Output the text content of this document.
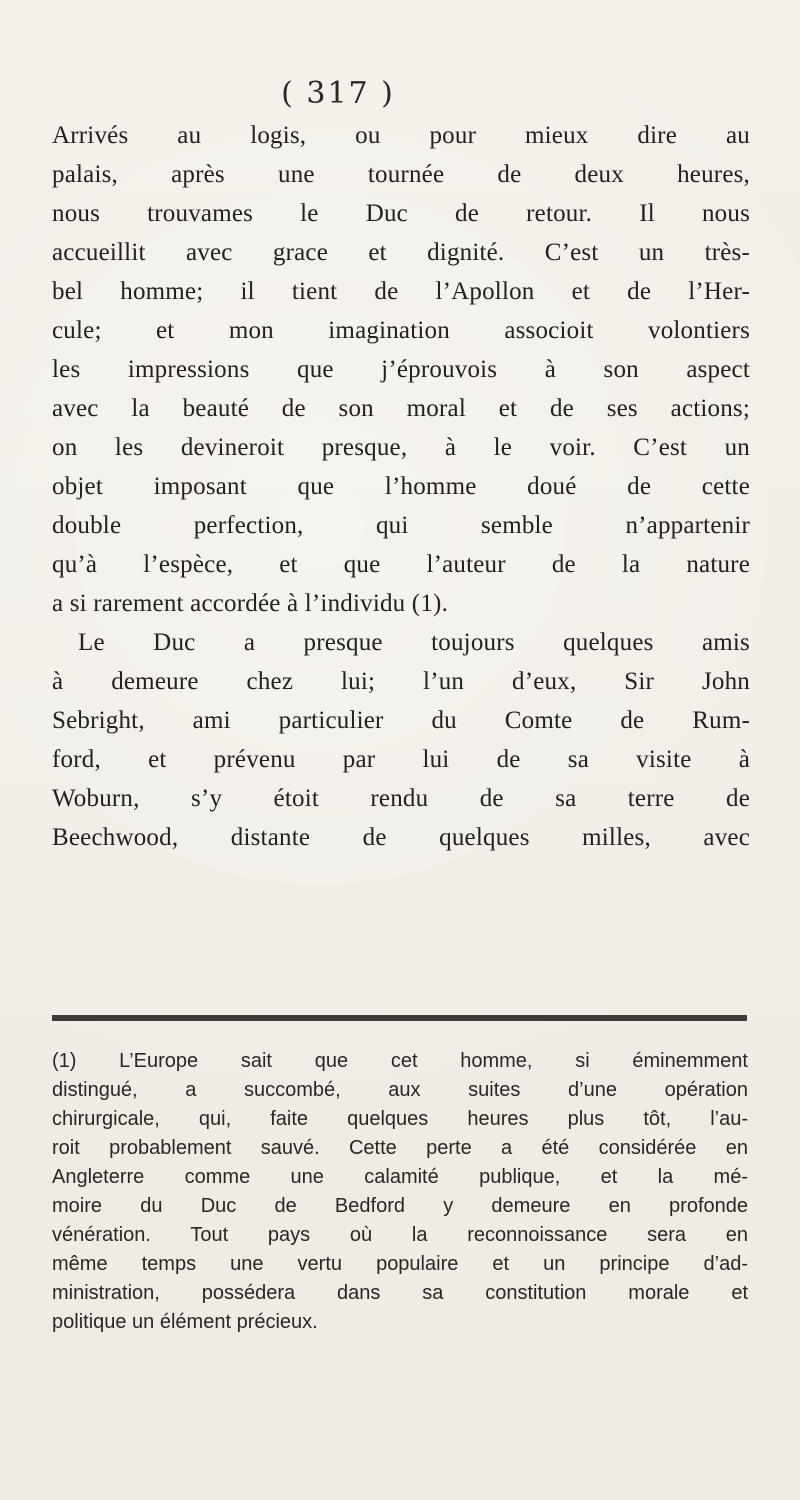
( 317 )
Arrivés au logis, ou pour mieux dire au
palais, après une tournée de deux heures,
nous trouvames le Duc de retour. Il nous
accueillit avec grace et dignité. C’est un très-
bel homme; il tient de l’Apollon et de l’Her-
cule; et mon imagination associoit volontiers
les impressions que j’éprouvois à son aspect
avec la beauté de son moral et de ses actions;
on les devineroit presque, à le voir. C’est un
objet imposant que l’homme doué de cette
double perfection, qui semble n’appartenir
qu’à l’espèce, et que l’auteur de la nature
a si rarement accordée à l’individu (1).
Le Duc a presque toujours quelques amis
à demeure chez lui; l’un d’eux, Sir John
Sebright, ami particulier du Comte de Rum-
ford, et prévenu par lui de sa visite à
Woburn, s’y étoit rendu de sa terre de
Beechwood, distante de quelques milles, avec
(1) L’Europe sait que cet homme, si éminemment
distingué, a succombé, aux suites d’une opération
chirurgicale, qui, faite quelques heures plus tôt, l’au-
roit probablement sauvé. Cette perte a été considérée en
Angleterre comme une calamité publique, et la mé-
moire du Duc de Bedford y demeure en profonde
vénération. Tout pays où la reconnoissance sera en
même temps une vertu populaire et un principe d’ad-
ministration, possédera dans sa constitution morale et
politique un élément précieux.
